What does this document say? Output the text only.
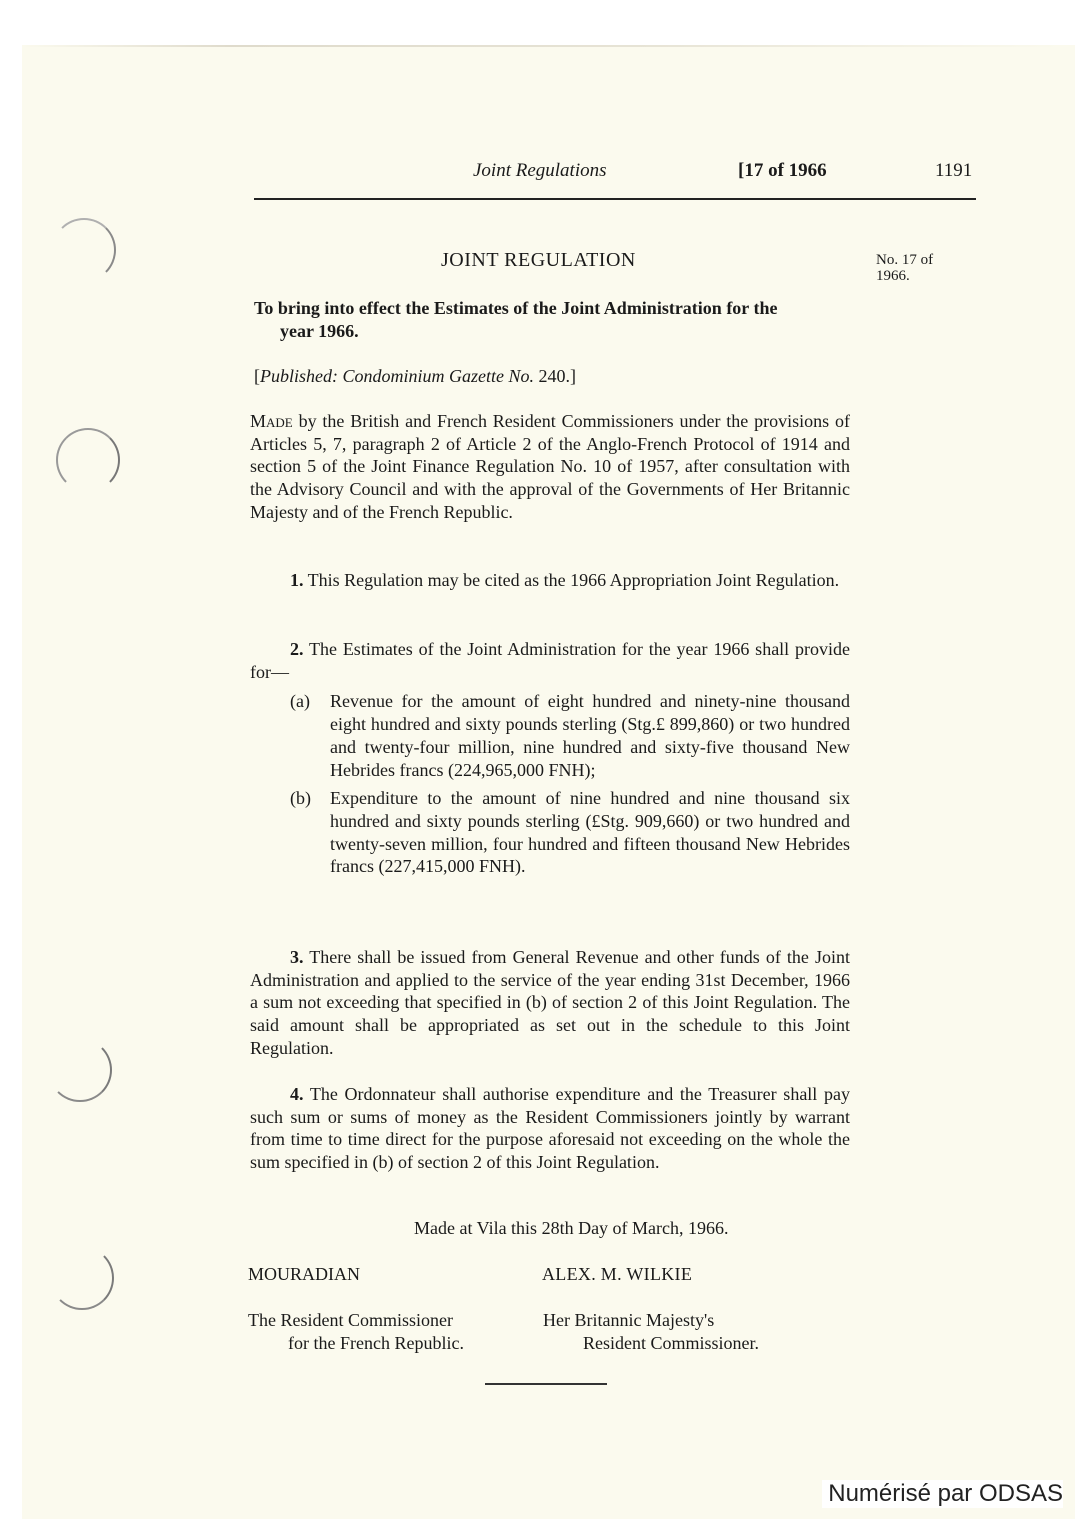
Joint Regulations	[17 of 1966	1191
JOINT REGULATION	No. 17 of
1966.
To bring into effect the Estimates of the Joint Administration for the
year 1966.
[Published: Condominium Gazette No. 240.]

Made by the British and French Resident Commissioners under the provisions of Articles 5, 7, paragraph 2 of Article 2 of the Anglo-French Protocol of 1914 and section 5 of the Joint Finance Regulation No. 10 of 1957, after consultation with the Advisory Council and with the approval of the Governments of Her Britannic Majesty and of the French Republic.

1. This Regulation may be cited as the 1966 Appropriation Joint Regulation.

2. The Estimates of the Joint Administration for the year 1966 shall provide for—

(a)	Revenue for the amount of eight hundred and ninety-nine thousand eight hundred and sixty pounds sterling (Stg.£ 899,860) or two hundred and twenty-four million, nine hundred and sixty-five thousand New Hebrides francs (224,965,000 FNH);
(b)	Expenditure to the amount of nine hundred and nine thousand six hundred and sixty pounds sterling (£Stg. 909,660) or two hundred and twenty-seven million, four hundred and fifteen thousand New Hebrides francs (227,415,000 FNH).

3. There shall be issued from General Revenue and other funds of the Joint Administration and applied to the service of the year ending 31st December, 1966 a sum not exceeding that specified in (b) of section 2 of this Joint Regulation. The said amount shall be appropriated as set out in the schedule to this Joint Regulation.

4. The Ordonnateur shall authorise expenditure and the Treasurer shall pay such sum or sums of money as the Resident Commissioners jointly by warrant from time to time direct for the purpose aforesaid not exceeding on the whole the sum specified in (b) of section 2 of this Joint Regulation.

Made at Vila this 28th Day of March, 1966.
MOURADIAN	ALEX. M. WILKIE
The Resident Commissioner
for the French Republic.
Her Britannic Majesty's
Resident Commissioner.
Numérisé par ODSAS
